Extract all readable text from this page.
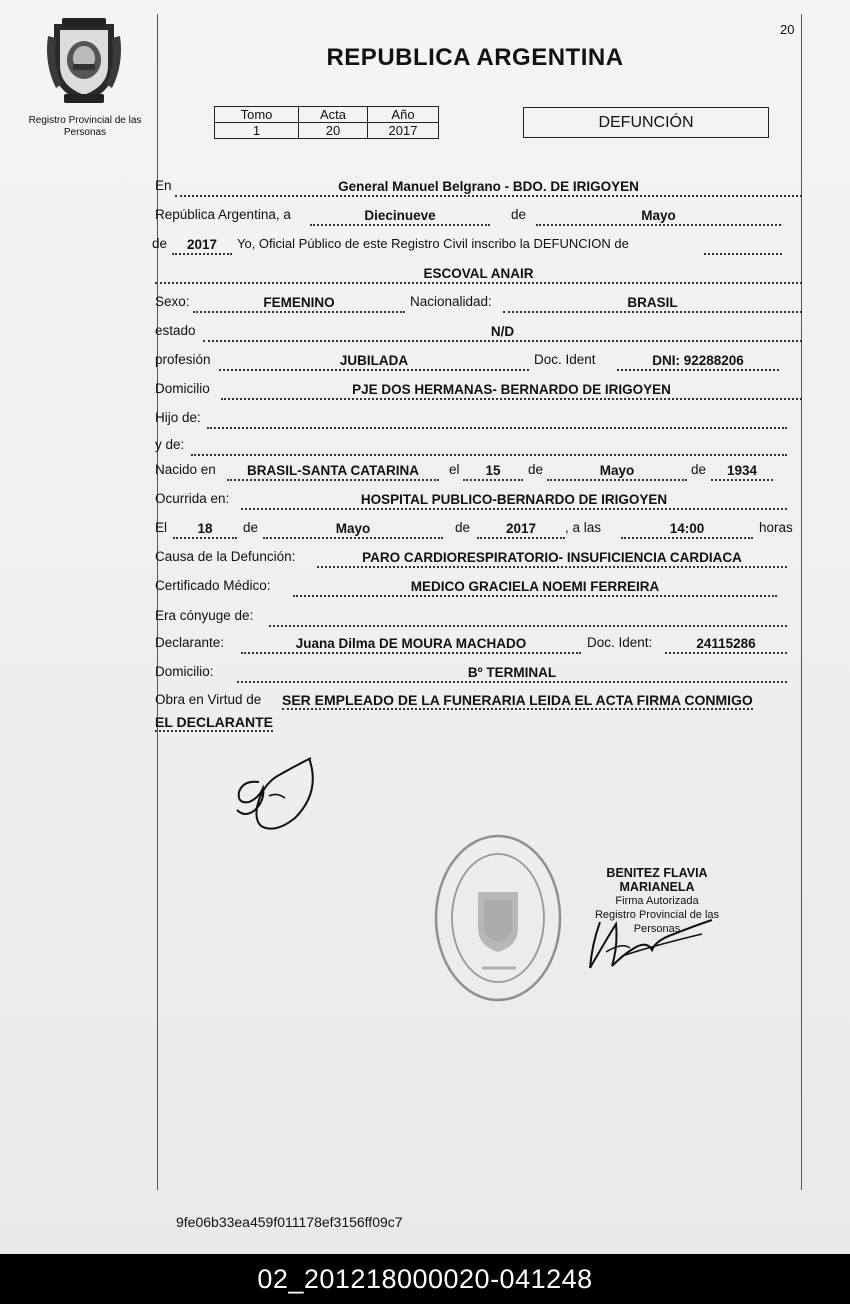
20
Registro Provincial de las Personas
REPUBLICA ARGENTINA
Tomo	Acta	Año
1	20	2017	DEFUNCIÓN
En	General Manuel Belgrano - BDO. DE IRIGOYEN
República Argentina, a	Diecinueve	de	Mayo
de	2017	Yo, Oficial Público de este Registro Civil inscribo la DEFUNCION de
ESCOVAL ANAIR
Sexo:	FEMENINO	Nacionalidad:	BRASIL
estado	N/D
profesión	JUBILADA	Doc. Ident	DNI: 92288206
Domicilio	PJE DOS HERMANAS- BERNARDO DE IRIGOYEN
Hijo de:
y de:
Nacido en	BRASIL-SANTA CATARINA	el	15	de	Mayo	de	1934
Ocurrida en:	HOSPITAL PUBLICO-BERNARDO DE IRIGOYEN
El	18	de	Mayo	de	2017	, a las	14:00	horas
Causa de la Defunción:	PARO CARDIORESPIRATORIO- INSUFICIENCIA CARDIACA
Certificado Médico:	MEDICO GRACIELA NOEMI FERREIRA
Era cónyuge de:
Declarante:	Juana Dilma DE MOURA MACHADO	Doc. Ident:	24115286
Domicilio:	Bº TERMINAL
Obra en Virtud de SER EMPLEADO DE LA FUNERARIA LEIDA EL ACTA FIRMA CONMIGO
EL DECLARANTE
BENITEZ FLAVIA MARIANELA
Firma Autorizada
Registro Provincial de las Personas
9fe06b33ea459f011178ef3156ff09c7
02_201218000020-041248
